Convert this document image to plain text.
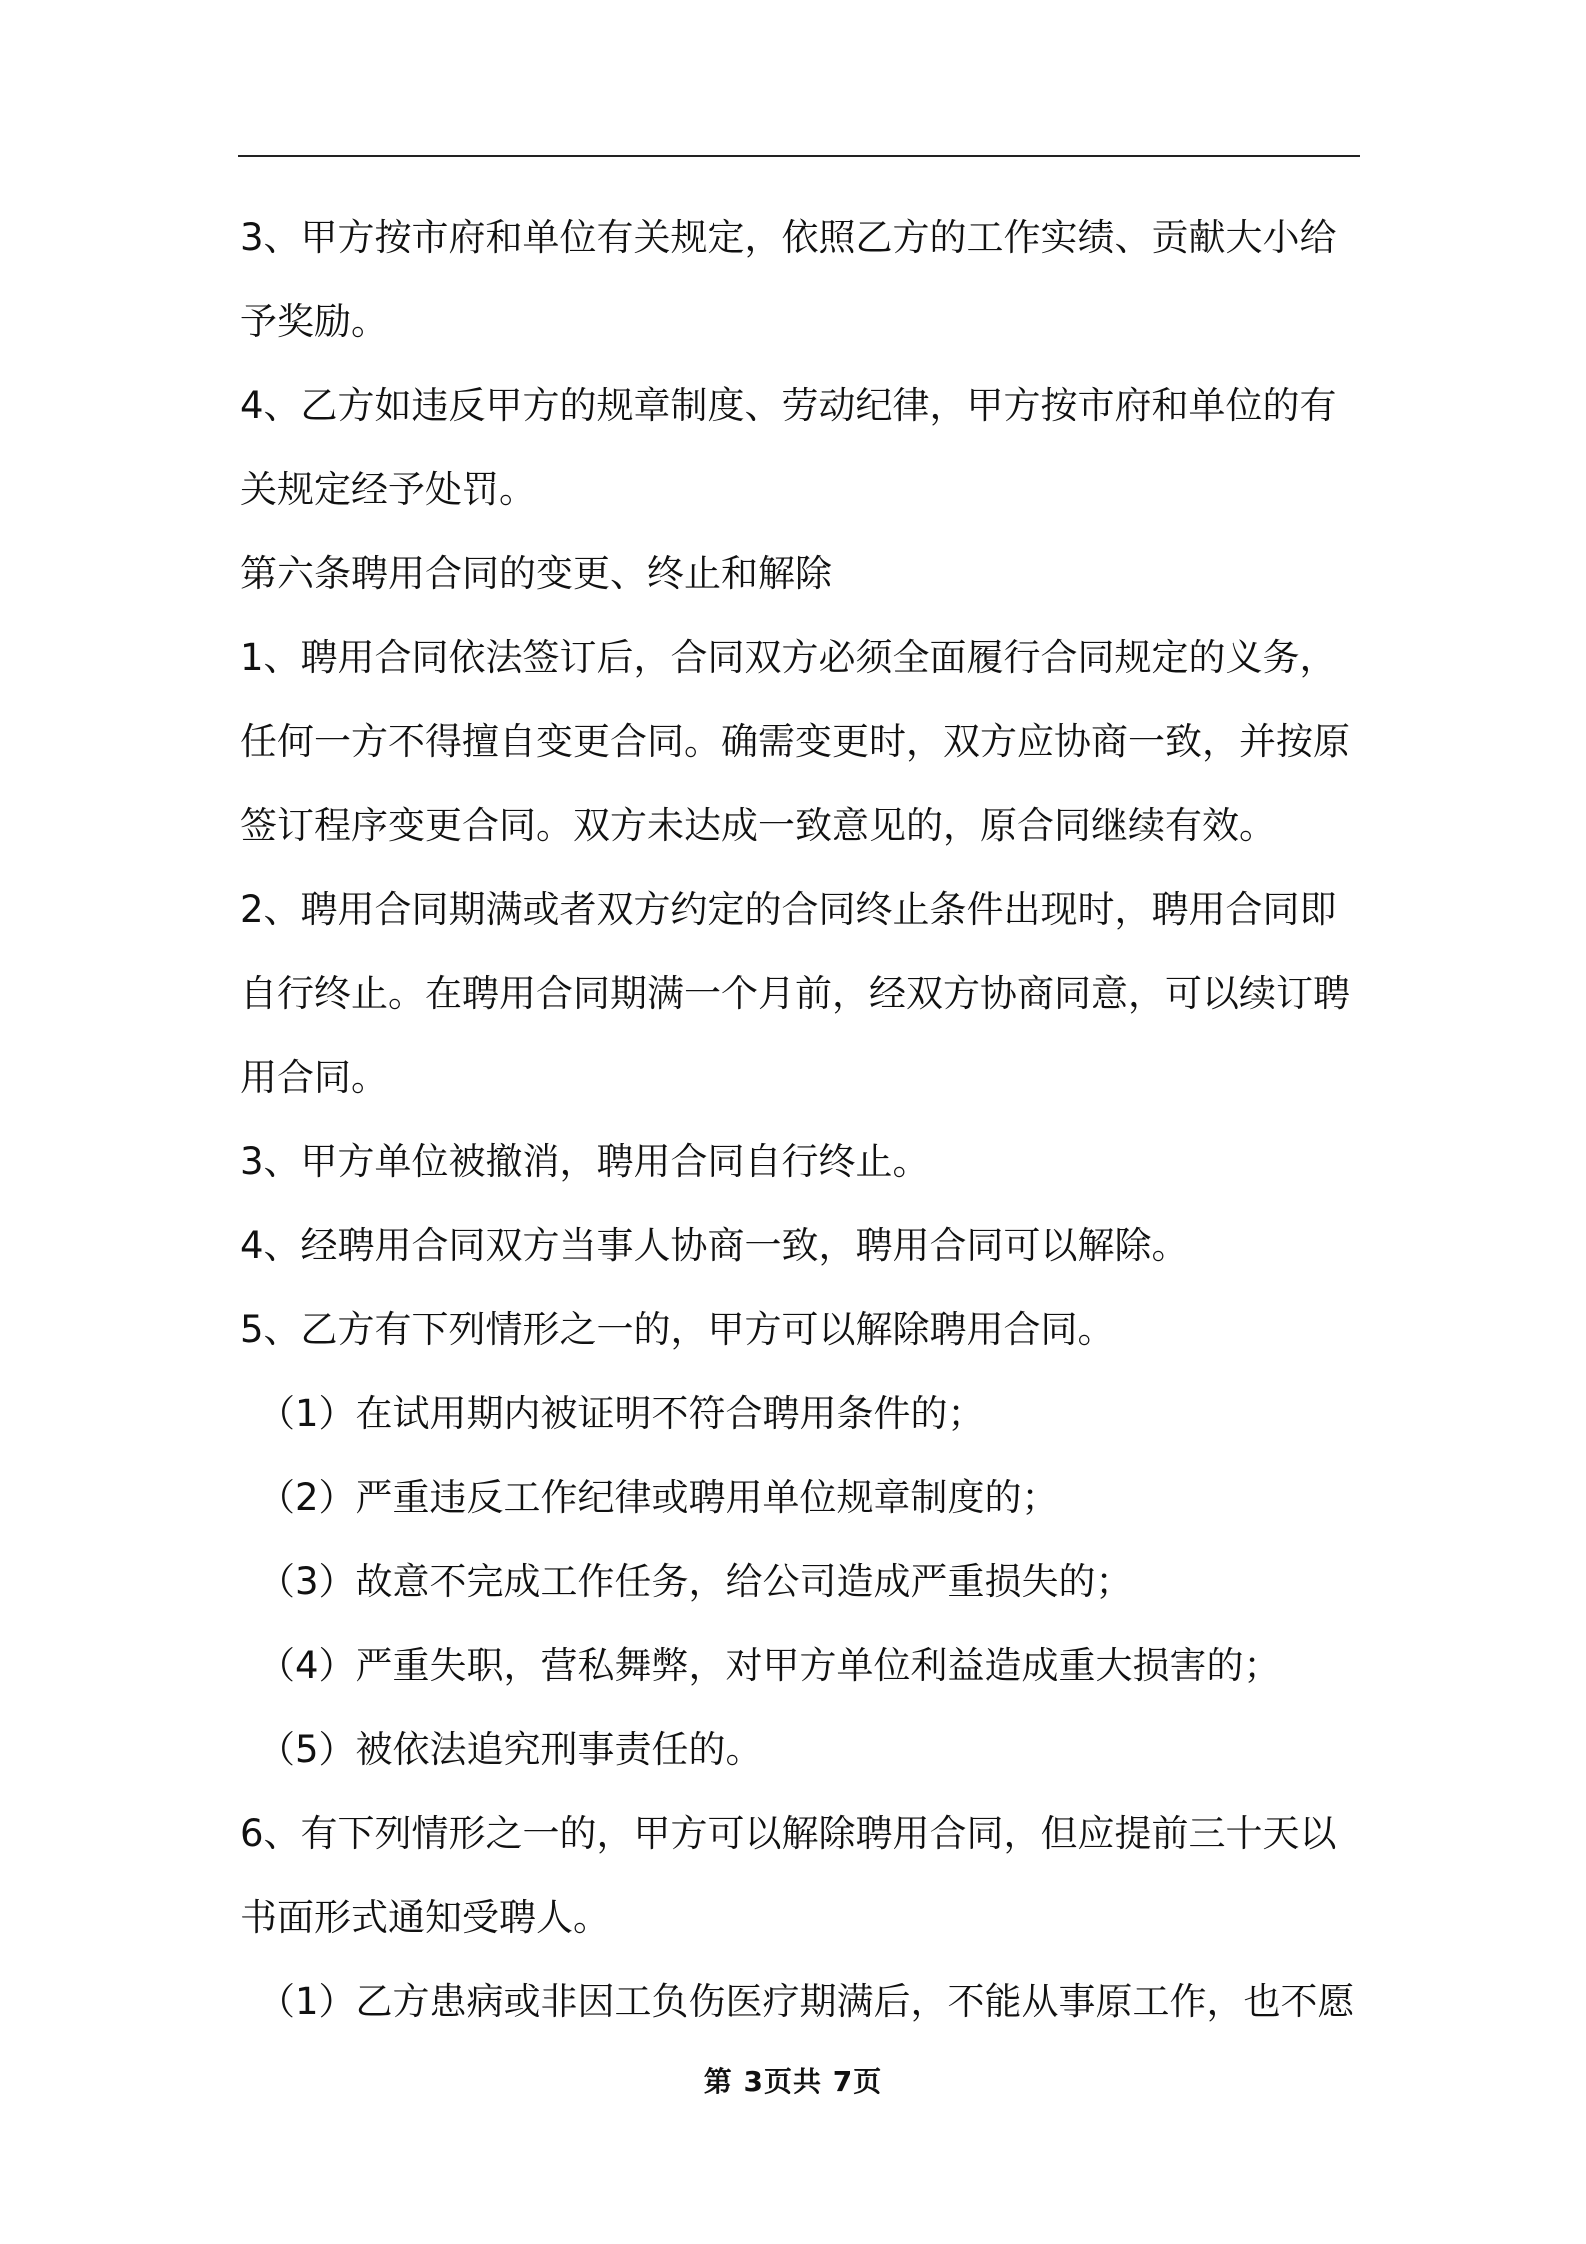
3、甲方按市府和单位有关规定，依照乙方的工作实绩、贡献大小给
予奖励。
4、乙方如违反甲方的规章制度、劳动纪律，甲方按市府和单位的有
关规定经予处罚。
第六条聘用合同的变更、终止和解除
1、聘用合同依法签订后，合同双方必须全面履行合同规定的义务，
任何一方不得擅自变更合同。确需变更时，双方应协商一致，并按原
签订程序变更合同。双方未达成一致意见的，原合同继续有效。
2、聘用合同期满或者双方约定的合同终止条件出现时，聘用合同即
自行终止。在聘用合同期满一个月前，经双方协商同意，可以续订聘
用合同。
3、甲方单位被撤消，聘用合同自行终止。
4、经聘用合同双方当事人协商一致，聘用合同可以解除。
5、乙方有下列情形之一的，甲方可以解除聘用合同。
（1）在试用期内被证明不符合聘用条件的；
（2）严重违反工作纪律或聘用单位规章制度的；
（3）故意不完成工作任务，给公司造成严重损失的；
（4）严重失职，营私舞弊，对甲方单位利益造成重大损害的；
（5）被依法追究刑事责任的。
6、有下列情形之一的，甲方可以解除聘用合同，但应提前三十天以
书面形式通知受聘人。
（1）乙方患病或非因工负伤医疗期满后，不能从事原工作，也不愿
第 3页共 7页
